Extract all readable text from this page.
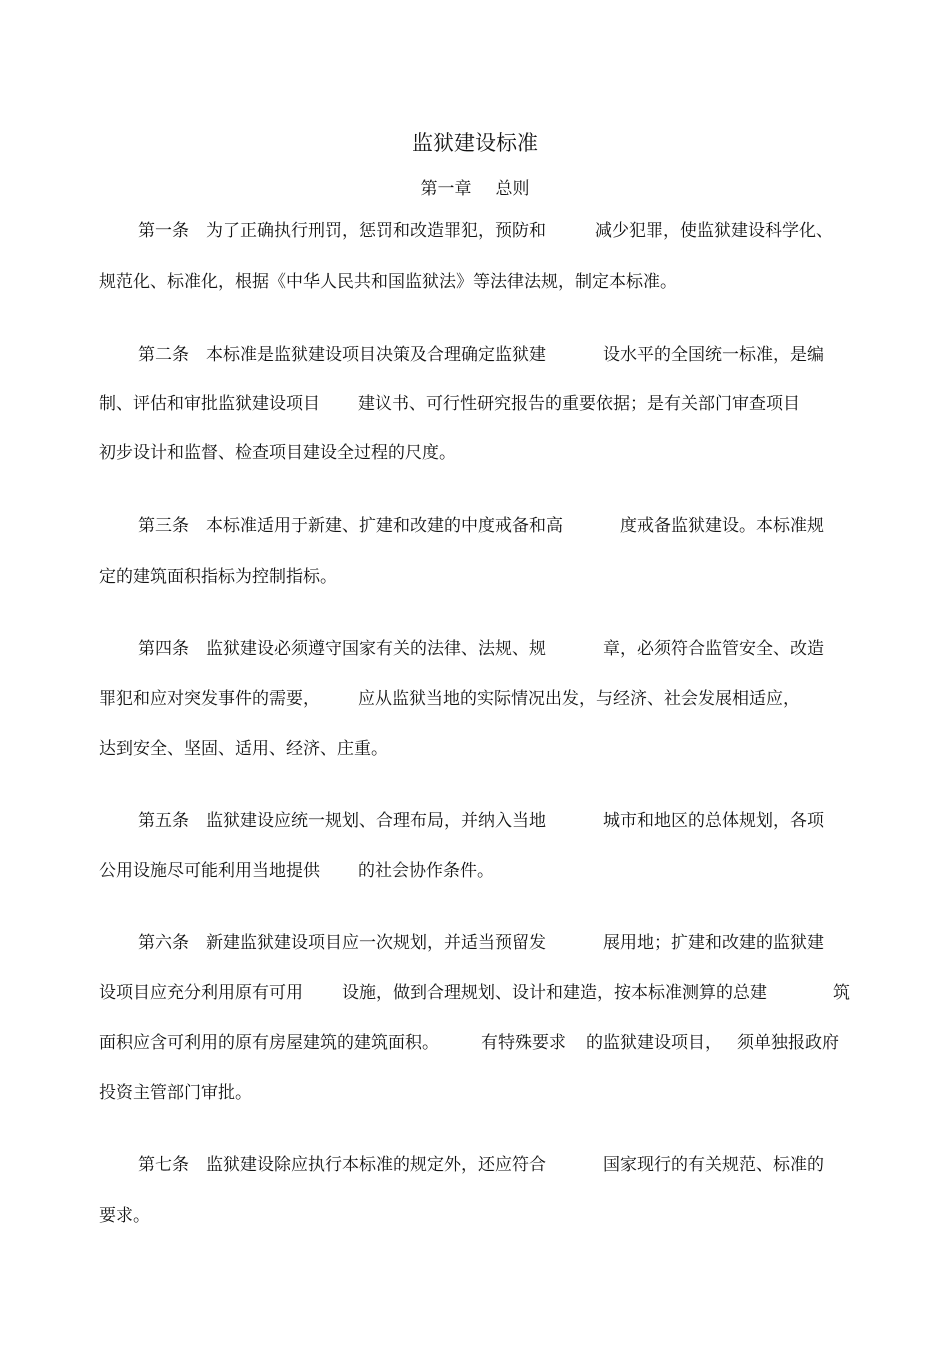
监狱建设标准
第一章 总则
第一条 为了正确执行刑罚，惩罚和改造罪犯，预防和	减少犯罪，使监狱建设科学化、
规范化、标准化，根据《中华人民共和国监狱法》等法律法规，制定本标准。
第二条 本标准是监狱建设项目决策及合理确定监狱建	设水平的全国统一标准，是编
制、评估和审批监狱建设项目 建议书、可行性研究报告的重要依据；是有关部门审查项目
初步设计和监督、检查项目建设全过程的尺度。
第三条 本标准适用于新建、扩建和改建的中度戒备和高	度戒备监狱建设。本标准规
定的建筑面积指标为控制指标。
第四条 监狱建设必须遵守国家有关的法律、法规、规	章，必须符合监管安全、改造
罪犯和应对突发事件的需要， 应从监狱当地的实际情况出发，与经济、社会发展相适应，
达到安全、坚固、适用、经济、庄重。
第五条 监狱建设应统一规划、合理布局，并纳入当地	城市和地区的总体规划，各项
公用设施尽可能利用当地提供 的社会协作条件。
第六条 新建监狱建设项目应一次规划，并适当预留发	展用地；扩建和改建的监狱建
设项目应充分利用原有可用 设施，做到合理规划、设计和建造，按本标准测算的总建	筑
面积应含可利用的原有房屋建筑的建筑面积。 有特殊要求 的监狱建设项目， 须单独报政府
投资主管部门审批。
第七条 监狱建设除应执行本标准的规定外，还应符合	国家现行的有关规范、标准的
要求。
